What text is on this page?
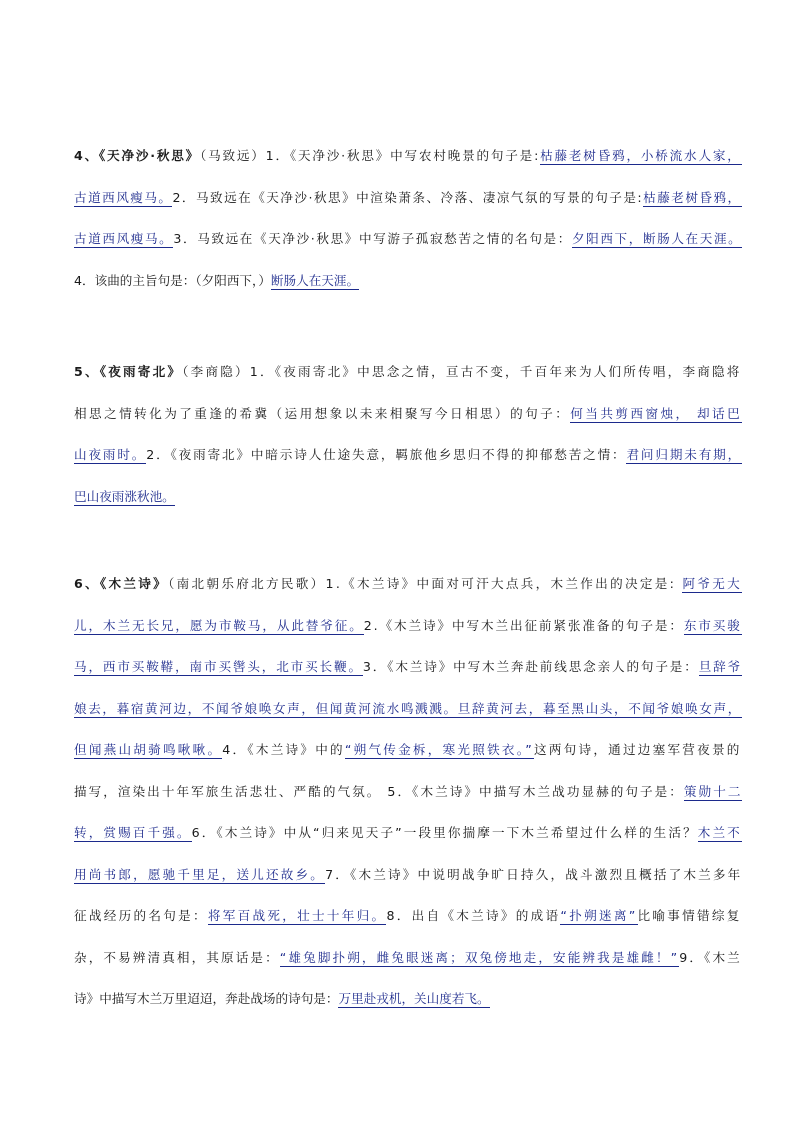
4、《天净沙·秋思》（马致远）1．《天净沙·秋思》中写农村晚景的句子是:枯藤老树昏鸦，小桥流水人家，
古道西风瘦马。2．马致远在《天净沙·秋思》中渲染萧条、冷落、凄凉气氛的写景的句子是:枯藤老树昏鸦，
古道西风瘦马。3．马致远在《天净沙·秋思》中写游子孤寂愁苦之情的名句是：夕阳西下，断肠人在天涯。
4．该曲的主旨句是：（夕阳西下，）断肠人在天涯。
5、《夜雨寄北》（李商隐）1．《夜雨寄北》中思念之情，亘古不变，千百年来为人们所传唱，李商隐将
相思之情转化为了重逢的希冀（运用想象以未来相聚写今日相思）的句子：何当共剪西窗烛， 却话巴
山夜雨时。2．《夜雨寄北》中暗示诗人仕途失意，羁旅他乡思归不得的抑郁愁苦之情：君问归期未有期，
巴山夜雨涨秋池。
6、《木兰诗》（南北朝乐府北方民歌）1.《木兰诗》中面对可汗大点兵，木兰作出的决定是: 阿爷无大
儿，木兰无长兄，愿为市鞍马，从此替爷征。2.《木兰诗》中写木兰出征前紧张准备的句子是：东市买骏
马，西市买鞍鞯，南市买辔头，北市买长鞭。3．《木兰诗》中写木兰奔赴前线思念亲人的句子是：旦辞爷
娘去，暮宿黄河边，不闻爷娘唤女声，但闻黄河流水鸣溅溅。旦辞黄河去，暮至黑山头，不闻爷娘唤女声，
但闻燕山胡骑鸣啾啾。4．《木兰诗》中的“朔气传金柝，寒光照铁衣。”这两句诗，通过边塞军营夜景的
描写，渲染出十年军旅生活悲壮、严酷的气氛。 5．《木兰诗》中描写木兰战功显赫的句子是：策勋十二
转，赏赐百千强。6．《木兰诗》中从“归来见天子”一段里你揣摩一下木兰希望过什么样的生活？木兰不
用尚书郎，愿驰千里足，送儿还故乡。7．《木兰诗》中说明战争旷日持久，战斗激烈且概括了木兰多年
征战经历的名句是：将军百战死，壮士十年归。8．出自《木兰诗》的成语“扑朔迷离”比喻事情错综复
杂，不易辨清真相，其原话是：“雄兔脚扑朔，雌兔眼迷离；双兔傍地走，安能辨我是雄雌！”9．《木兰
诗》中描写木兰万里迢迢，奔赴战场的诗句是：万里赴戎机，关山度若飞。
